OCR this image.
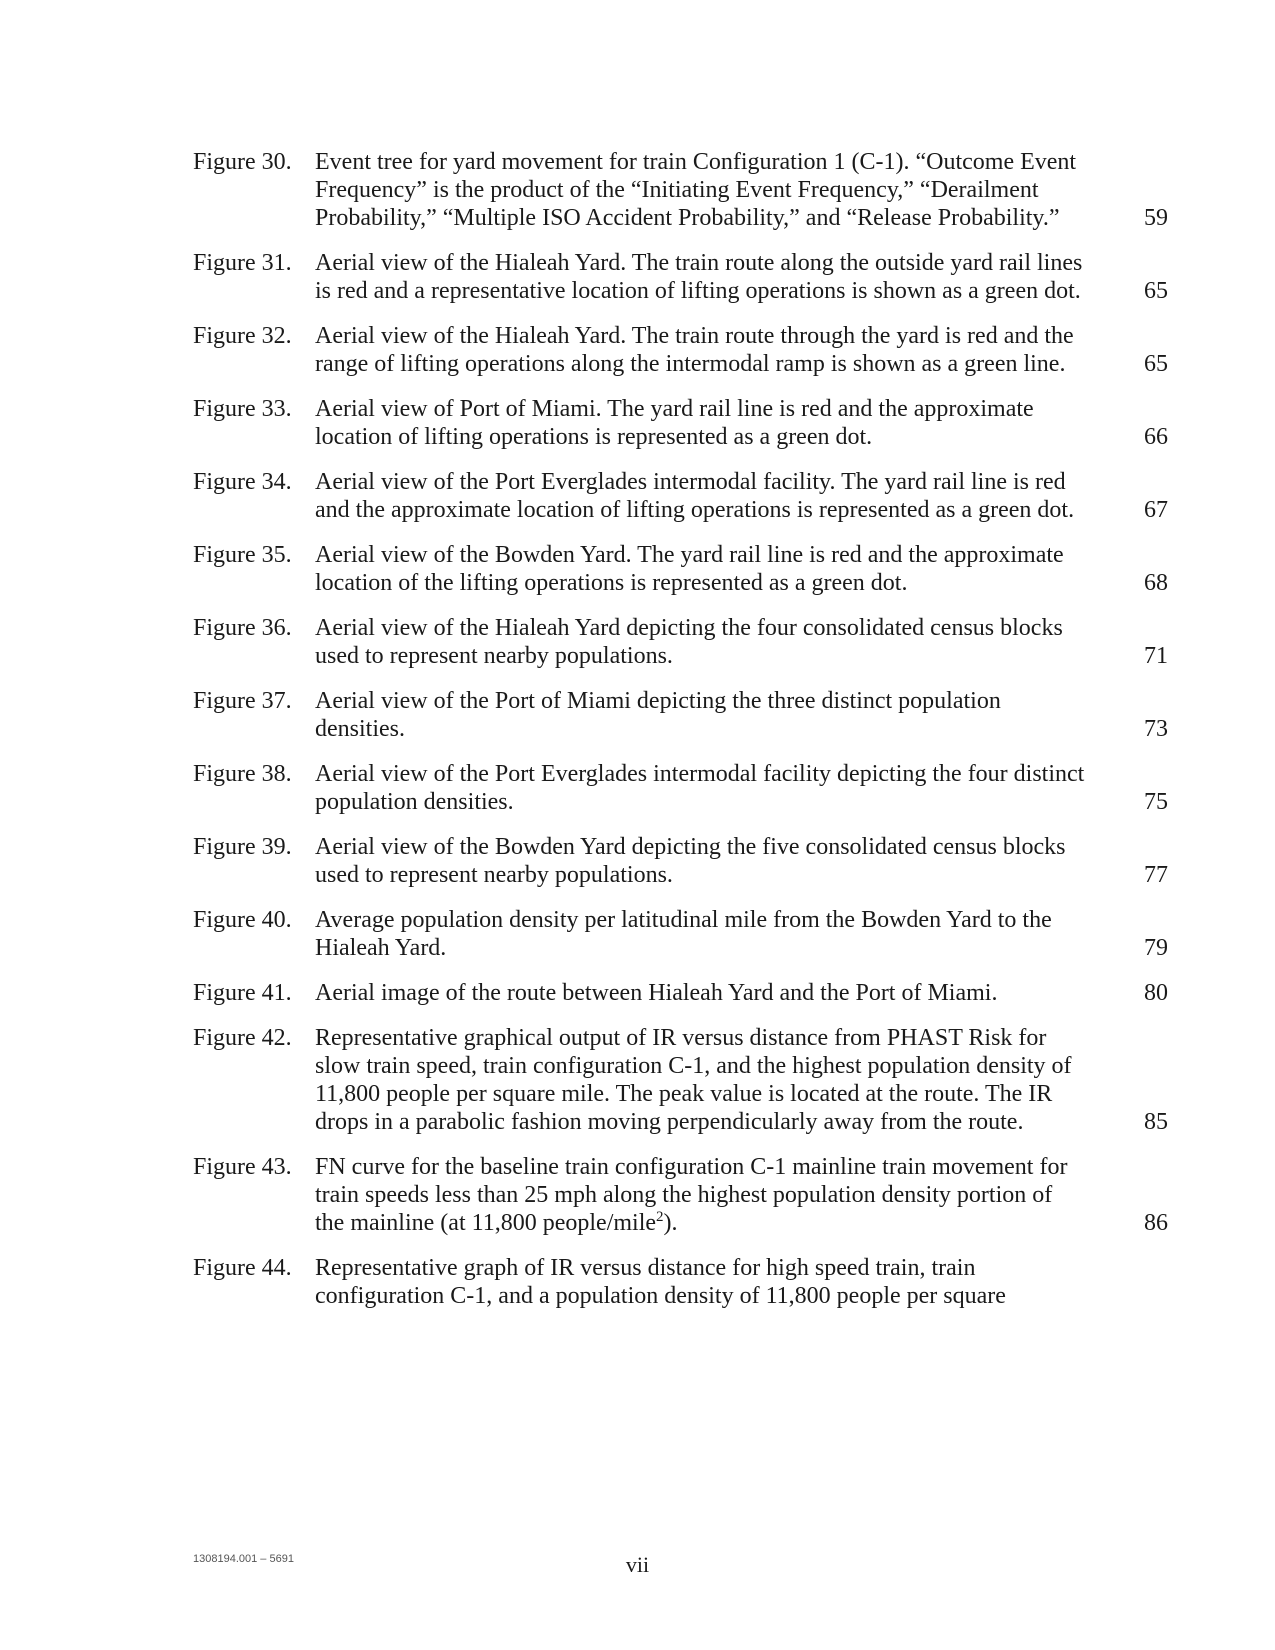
Figure 30. Event tree for yard movement for train Configuration 1 (C-1). “Outcome Event Frequency” is the product of the “Initiating Event Frequency,” “Derailment Probability,” “Multiple ISO Accident Probability,” and “Release Probability.”	59
Figure 31. Aerial view of the Hialeah Yard. The train route along the outside yard rail lines is red and a representative location of lifting operations is shown as a green dot.	65
Figure 32. Aerial view of the Hialeah Yard. The train route through the yard is red and the range of lifting operations along the intermodal ramp is shown as a green line.	65
Figure 33. Aerial view of Port of Miami. The yard rail line is red and the approximate location of lifting operations is represented as a green dot.	66
Figure 34. Aerial view of the Port Everglades intermodal facility. The yard rail line is red and the approximate location of lifting operations is represented as a green dot.	67
Figure 35. Aerial view of the Bowden Yard. The yard rail line is red and the approximate location of the lifting operations is represented as a green dot.	68
Figure 36. Aerial view of the Hialeah Yard depicting the four consolidated census blocks used to represent nearby populations.	71
Figure 37. Aerial view of the Port of Miami depicting the three distinct population densities.	73
Figure 38. Aerial view of the Port Everglades intermodal facility depicting the four distinct population densities.	75
Figure 39. Aerial view of the Bowden Yard depicting the five consolidated census blocks used to represent nearby populations.	77
Figure 40. Average population density per latitudinal mile from the Bowden Yard to the Hialeah Yard.	79
Figure 41. Aerial image of the route between Hialeah Yard and the Port of Miami.	80
Figure 42. Representative graphical output of IR versus distance from PHAST Risk for slow train speed, train configuration C-1, and the highest population density of 11,800 people per square mile. The peak value is located at the route. The IR drops in a parabolic fashion moving perpendicularly away from the route.	85
Figure 43. FN curve for the baseline train configuration C-1 mainline train movement for train speeds less than 25 mph along the highest population density portion of the mainline (at 11,800 people/mile$^2$).	86
Figure 44. Representative graph of IR versus distance for high speed train, train configuration C-1, and a population density of 11,800 people per square
1308194.001 – 5691	vii
